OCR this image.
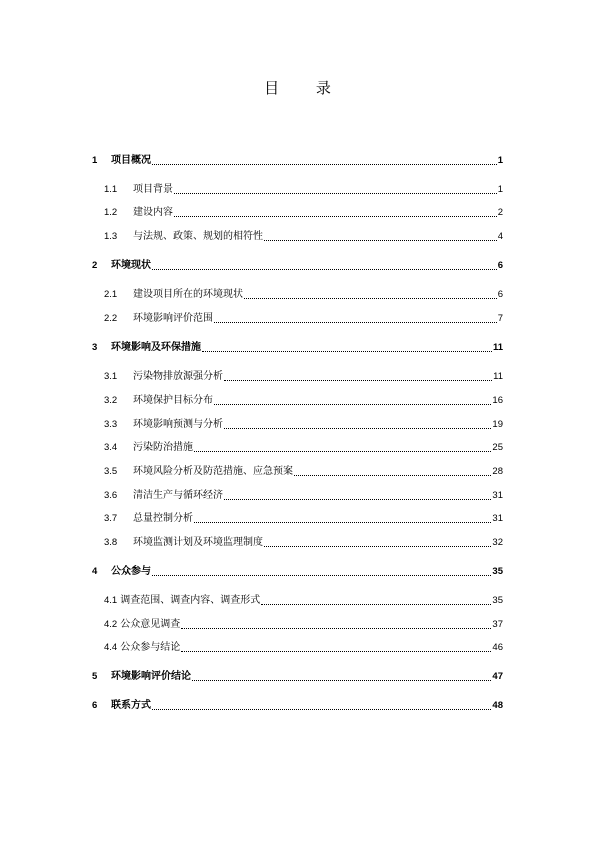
目 录
1	项目概况	1
1.1	项目背景	1
1.2	建设内容	2
1.3	与法规、政策、规划的相符性	4
2	环境现状	6
2.1	建设项目所在的环境现状	6
2.2	环境影响评价范围	7
3	环境影响及环保措施	11
3.1	污染物排放源强分析	11
3.2	环境保护目标分布	16
3.3	环境影响预测与分析	19
3.4	污染防治措施	25
3.5	环境风险分析及防范措施、应急预案	28
3.6	清洁生产与循环经济	31
3.7	总量控制分析	31
3.8	环境监测计划及环境监理制度	32
4	公众参与	35
4.1 调查范围、调查内容、调查形式	35
4.2 公众意见调查	37
4.4 公众参与结论	46
5	环境影响评价结论	47
6	联系方式	48
